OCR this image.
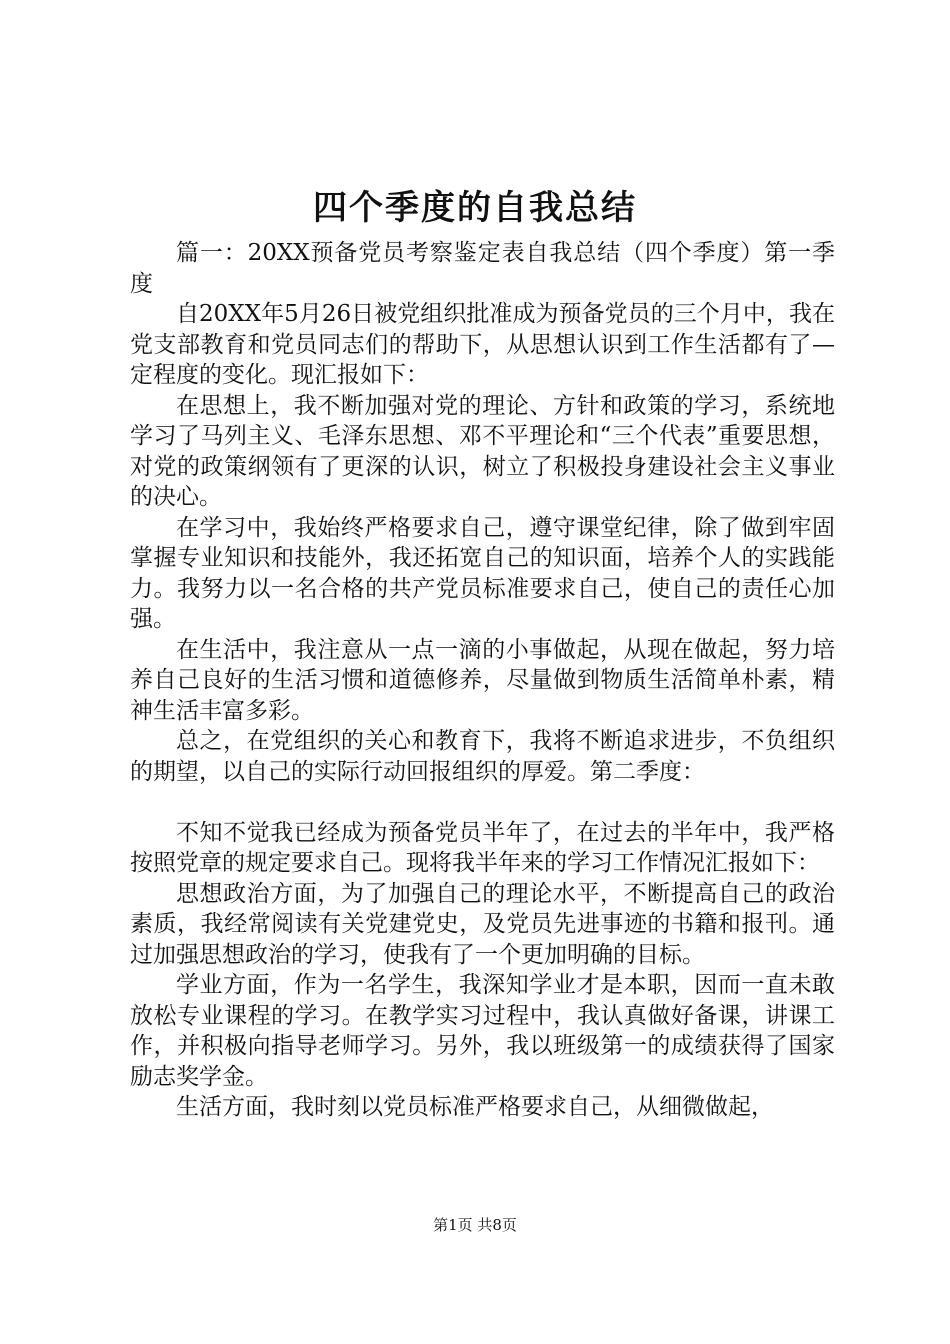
四个季度的自我总结

篇一：20XX预备党员考察鉴定表自我总结（四个季度）第一季度

自20XX年5月26日被党组织批准成为预备党员的三个月中，我在党支部教育和党员同志们的帮助下，从思想认识到工作生活都有了—定程度的变化。现汇报如下：

在思想上，我不断加强对党的理论、方针和政策的学习，系统地学习了马列主义、毛泽东思想、邓不平理论和“三个代表”重要思想，对党的政策纲领有了更深的认识，树立了积极投身建设社会主义事业的决心。

在学习中，我始终严格要求自己，遵守课堂纪律，除了做到牢固掌握专业知识和技能外，我还拓宽自己的知识面，培养个人的实践能力。我努力以一名合格的共产党员标准要求自己，使自己的责任心加强。

在生活中，我注意从一点一滴的小事做起，从现在做起，努力培养自己良好的生活习惯和道德修养，尽量做到物质生活简单朴素，精神生活丰富多彩。

总之，在党组织的关心和教育下，我将不断追求进步，不负组织的期望，以自己的实际行动回报组织的厚爱。第二季度：

不知不觉我已经成为预备党员半年了，在过去的半年中，我严格按照党章的规定要求自己。现将我半年来的学习工作情况汇报如下：

思想政治方面，为了加强自己的理论水平，不断提高自己的政治素质，我经常阅读有关党建党史，及党员先进事迹的书籍和报刊。通过加强思想政治的学习，使我有了一个更加明确的目标。

学业方面，作为一名学生，我深知学业才是本职，因而一直未敢放松专业课程的学习。在教学实习过程中，我认真做好备课，讲课工作，并积极向指导老师学习。另外，我以班级第一的成绩获得了国家励志奖学金。

生活方面，我时刻以党员标准严格要求自己，从细微做起，

第1页 共8页
